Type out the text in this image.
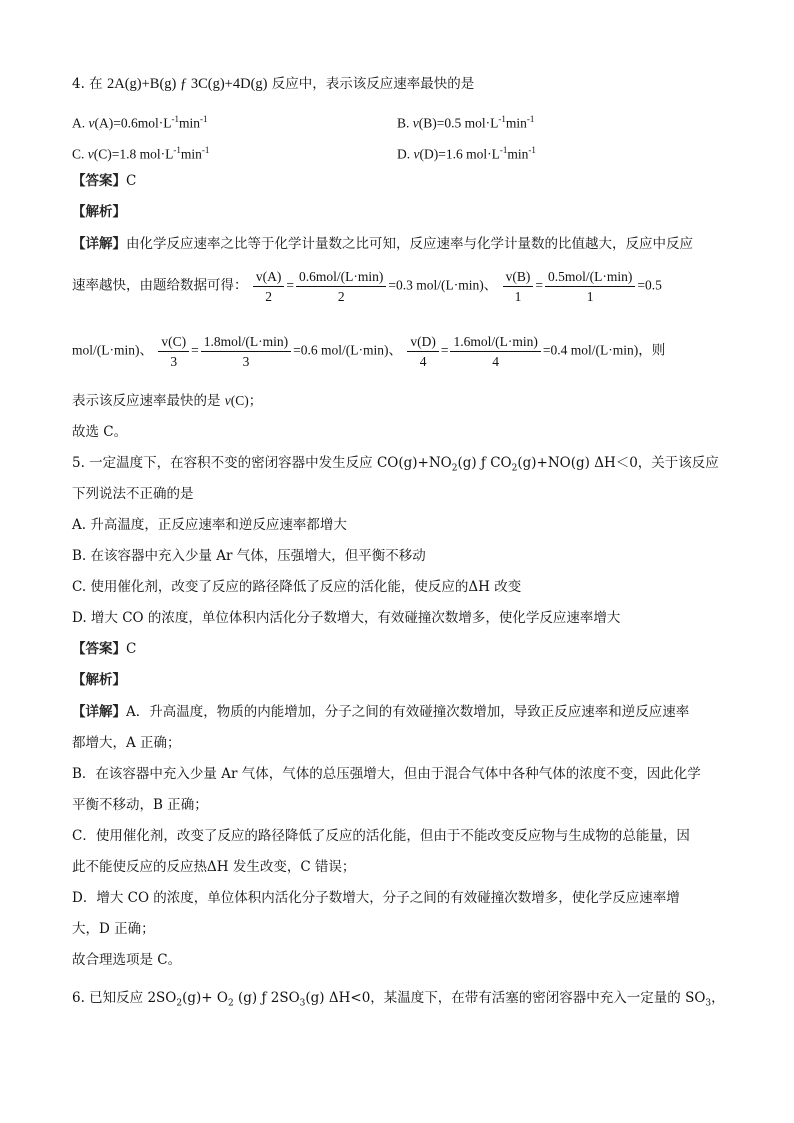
4. 在 2A(g)+B(g) ƒ 3C(g)+4D(g) 反应中，表示该反应速率最快的是
A. $v(A)=0.6mol\cdot L^{-1}\min^{-1}$	B. v(B)=0.5 $mol\cdot L^{-1}\min^{-1}$
C. v(C)=1.8 $mol\cdot L^{-1}\min^{-1}$	D. v(D)=1.6 $mol\cdot L^{-1}\min^{-1}$
【答案】C
【解析】
【详解】由化学反应速率之比等于化学计量数之比可知，反应速率与化学计量数的比值越大，反应中反应
速率越快，由题给数据可得： $\frac{v(A)}{2} = \frac{\text{0.6mol/(L·min)}}{2} =0.3$ mol/(L·min)、 $\frac{v(B)}{1} = \frac{\text{0.5mol/(L·min)}}{1} =0.5$
mol/(L·min)、 $\frac{v(C)}{3} = \frac{\text{1.8mol/(L·min)}}{3} =0.6$ mol/(L·min)、 $\frac{v(D)}{4} = \frac{\text{1.6mol/(L·min)}}{4} =0.4$ mol/(L·min)，则
表示该反应速率最快的是 v(C)；
故选 C。
5. 一定温度下，在容积不变的密闭容器中发生反应 $CO(g)+NO_2(g)$ ƒ $CO_2(g)+NO(g)$ ΔH＜0，关于该反应
下列说法不正确的是
A. 升高温度，正反应速率和逆反应速率都增大
B. 在该容器中充入少量 Ar 气体，压强增大，但平衡不移动
C. 使用催化剂，改变了反应的路径降低了反应的活化能，使反应的ΔH 改变
D. 增大 CO 的浓度，单位体积内活化分子数增大，有效碰撞次数增多，使化学反应速率增大
【答案】C
【解析】
【详解】A．升高温度，物质的内能增加，分子之间的有效碰撞次数增加，导致正反应速率和逆反应速率
都增大，A 正确；
B．在该容器中充入少量 Ar 气体，气体的总压强增大，但由于混合气体中各种气体的浓度不变，因此化学
平衡不移动，B 正确；
C．使用催化剂，改变了反应的路径降低了反应的活化能，但由于不能改变反应物与生成物的总能量，因
此不能使反应的反应热ΔH 发生改变，C 错误；
D．增大 CO 的浓度，单位体积内活化分子数增大，分子之间的有效碰撞次数增多，使化学反应速率增
大，D 正确；
故合理选项是 C。
6. 已知反应 $2SO_2(g)+ O_2$ (g) ƒ $2SO_3(g)$ ΔH<0，某温度下，在带有活塞的密闭容器中充入一定量的 $SO_3$，
